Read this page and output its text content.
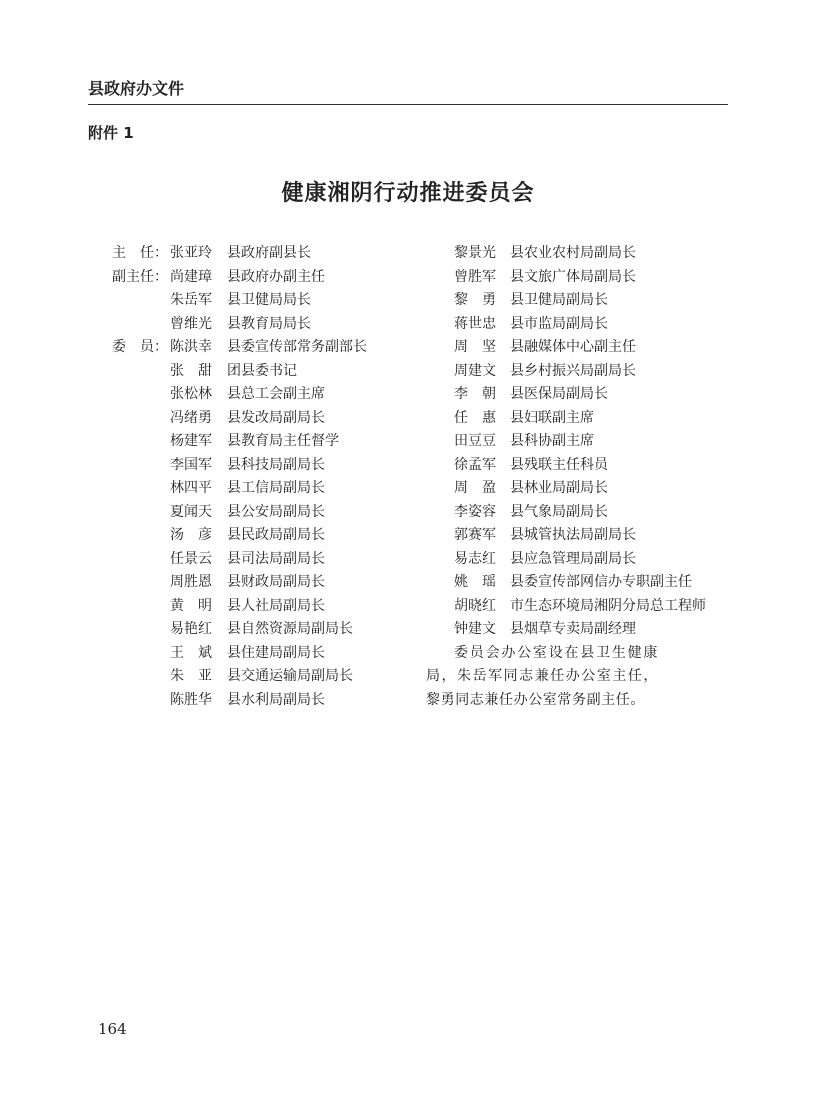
县政府办文件
附件 1
健康湘阴行动推进委员会
主　任： 张亚玲	县政府副县长
副主任： 尚建璋	县政府办副主任
朱岳军	县卫健局局长
曾维光	县教育局局长
委　员： 陈洪幸	县委宣传部常务副部长
张　甜	团县委书记
张松林	县总工会副主席
冯绪勇	县发改局副局长
杨建军	县教育局主任督学
李国军	县科技局副局长
林四平	县工信局副局长
夏闻天	县公安局副局长
汤　彦	县民政局副局长
任景云	县司法局副局长
周胜恩	县财政局副局长
黄　明	县人社局副局长
易艳红	县自然资源局副局长
王　斌	县住建局副局长
朱　亚	县交通运输局副局长
陈胜华	县水利局副局长
黎景光	县农业农村局副局长
曾胜军	县文旅广体局副局长
黎　勇	县卫健局副局长
蒋世忠	县市监局副局长
周　坚	县融媒体中心副主任
周建文	县乡村振兴局副局长
李　朝	县医保局副局长
任　惠	县妇联副主席
田豆豆	县科协副主席
徐孟军	县残联主任科员
周　盈	县林业局副局长
李姿容	县气象局副局长
郭赛军	县城管执法局副局长
易志红	县应急管理局副局长
姚　瑶	县委宣传部网信办专职副主任
胡晓红	市生态环境局湘阴分局总工程师
钟建文	县烟草专卖局副经理

委员会办公室设在县卫生健康局，朱岳军同志兼任办公室主任，黎勇同志兼任办公室常务副主任。

164
